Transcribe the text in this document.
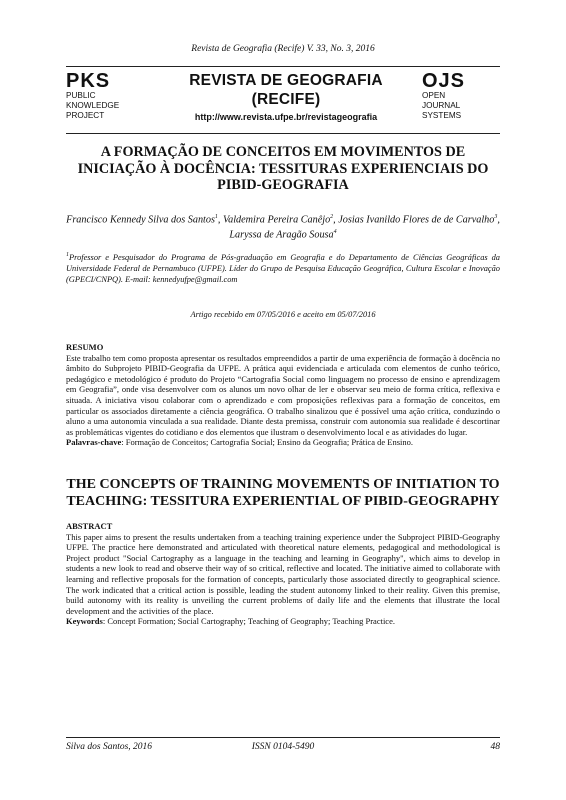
Revista de Geografia (Recife) V. 33, No. 3, 2016
PKS
PUBLIC
KNOWLEDGE
PROJECT
REVISTA DE GEOGRAFIA
(RECIFE)
http://www.revista.ufpe.br/revistageografia
OJS
OPEN
JOURNAL
SYSTEMS
A FORMAÇÃO DE CONCEITOS EM MOVIMENTOS DE INICIAÇÃO À DOCÊNCIA: TESSITURAS EXPERIENCIAIS DO PIBID-GEOGRAFIA
Francisco Kennedy Silva dos Santos$^1$, Valdemira Pereira Canêjo$^2$, Josias Ivanildo Flores de de Carvalho$^3$, Laryssa de Aragão Sousa$^4$
$^1$Professor e Pesquisador do Programa de Pós-graduação em Geografia e do Departamento de Ciências Geográficas da Universidade Federal de Pernambuco (UFPE). Líder do Grupo de Pesquisa Educação Geográfica, Cultura Escolar e Inovação (GPECI/CNPQ). E-mail: kennedyufpe@gmail.com
Artigo recebido em 07/05/2016 e aceito em 05/07/2016
RESUMO
Este trabalho tem como proposta apresentar os resultados empreendidos a partir de uma experiência de formação à docência no âmbito do Subprojeto PIBID-Geografia da UFPE. A prática aqui evidenciada e articulada com elementos de cunho teórico, pedagógico e metodológico é produto do Projeto “Cartografia Social como linguagem no processo de ensino e aprendizagem em Geografia”, onde visa desenvolver com os alunos um novo olhar de ler e observar seu meio de forma crítica, reflexiva e situada. A iniciativa visou colaborar com o aprendizado e com proposições reflexivas para a formação de conceitos, em particular os associados diretamente a ciência geográfica. O trabalho sinalizou que é possível uma ação crítica, conduzindo o aluno a uma autonomia vinculada a sua realidade. Diante desta premissa, construir com autonomia sua realidade é descortinar as problemáticas vigentes do cotidiano e dos elementos que ilustram o desenvolvimento local e as atividades do lugar.
Palavras-chave: Formação de Conceitos; Cartografia Social; Ensino da Geografia; Prática de Ensino.
THE CONCEPTS OF TRAINING MOVEMENTS OF INITIATION TO TEACHING: TESSITURA EXPERIENTIAL OF PIBID-GEOGRAPHY
ABSTRACT
This paper aims to present the results undertaken from a teaching training experience under the Subproject PIBID-Geography UFPE. The practice here demonstrated and articulated with theoretical nature elements, pedagogical and methodological is Project product "Social Cartography as a language in the teaching and learning in Geography", which aims to develop in students a new look to read and observe their way of so critical, reflective and located. The initiative aimed to collaborate with learning and reflective proposals for the formation of concepts, particularly those associated directly to geographical science. The work indicated that a critical action is possible, leading the student autonomy linked to their reality. Given this premise, build autonomy with its reality is unveiling the current problems of daily life and the elements that illustrate the local development and the activities of the place.
Keywords: Concept Formation; Social Cartography; Teaching of Geography; Teaching Practice.
Silva dos Santos, 2016	ISSN 0104-5490	48
